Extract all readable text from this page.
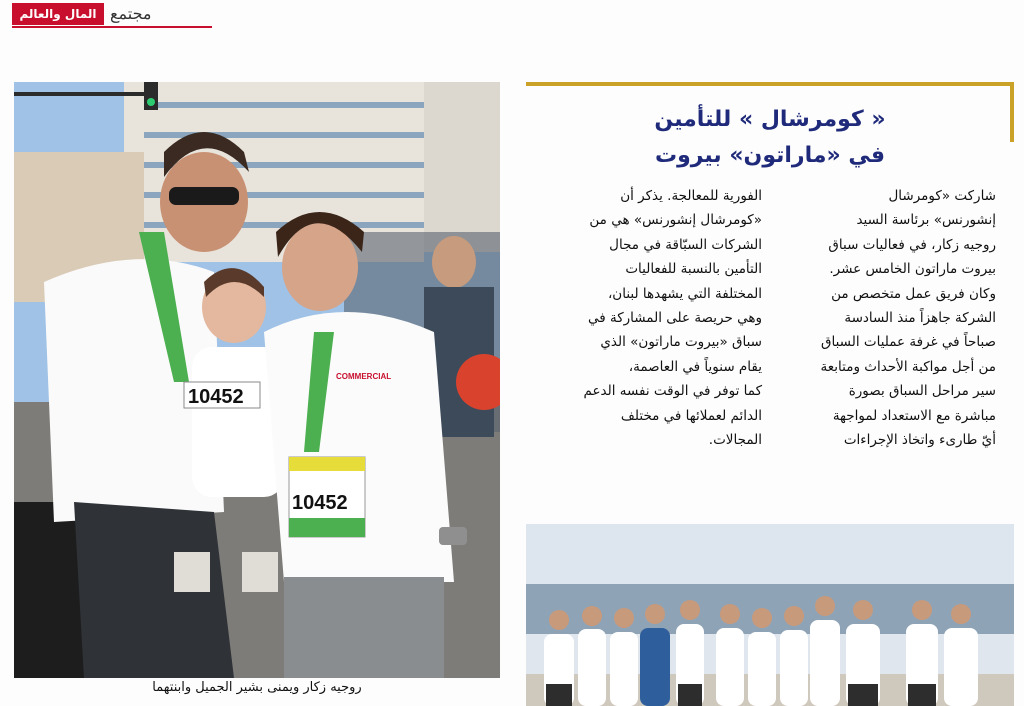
المال والعالم مجتمع
10452
10452
COMMERCIAL
روجيه زكار ويمنى بشير الجميل وابنتهما
« كومرشال » للتأمين
في «ماراتون» بيروت
شاركت «كومرشال
إنشورنس» برئاسة السيد
روجيه زكار، في فعاليات سباق
بيروت ماراتون الخامس عشر.
وكان فريق عمل متخصص من
الشركة جاهزاً منذ السادسة
صباحاً في غرفة عمليات السباق
من أجل مواكبة الأحداث ومتابعة
سير مراحل السباق بصورة
مباشرة مع الاستعداد لمواجهة
أيّ طارىء واتخاذ الإجراءات
الفورية للمعالجة. يذكر أن
«كومرشال إنشورنس» هي من
الشركات السبّاقة في مجال
التأمين بالنسبة للفعاليات
المختلفة التي يشهدها لبنان،
وهي حريصة على المشاركة في
سباق «بيروت ماراتون» الذي
يقام سنوياً في العاصمة،
كما توفر في الوقت نفسه الدعم
الدائم لعملائها في مختلف
المجالات.
